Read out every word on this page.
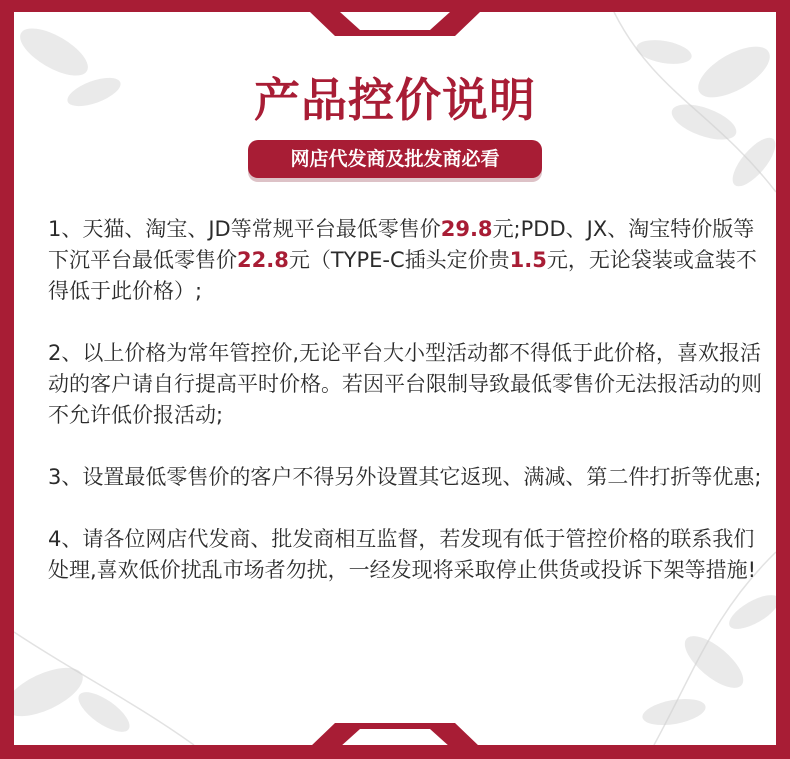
产品控价说明
网店代发商及批发商必看

1、天猫、淘宝、JD等常规平台最低零售价29.8元;PDD、JX、淘宝特价版等下沉平台最低零售价22.8元（TYPE-C插头定价贵1.5元，无论袋装或盒装不得低于此价格）;

2、以上价格为常年管控价,无论平台大小型活动都不得低于此价格，喜欢报活动的客户请自行提高平时价格。若因平台限制导致最低零售价无法报活动的则不允许低价报活动;

3、设置最低零售价的客户不得另外设置其它返现、满减、第二件打折等优惠;

4、请各位网店代发商、批发商相互监督，若发现有低于管控价格的联系我们处理,喜欢低价扰乱市场者勿扰，一经发现将采取停止供货或投诉下架等措施!
